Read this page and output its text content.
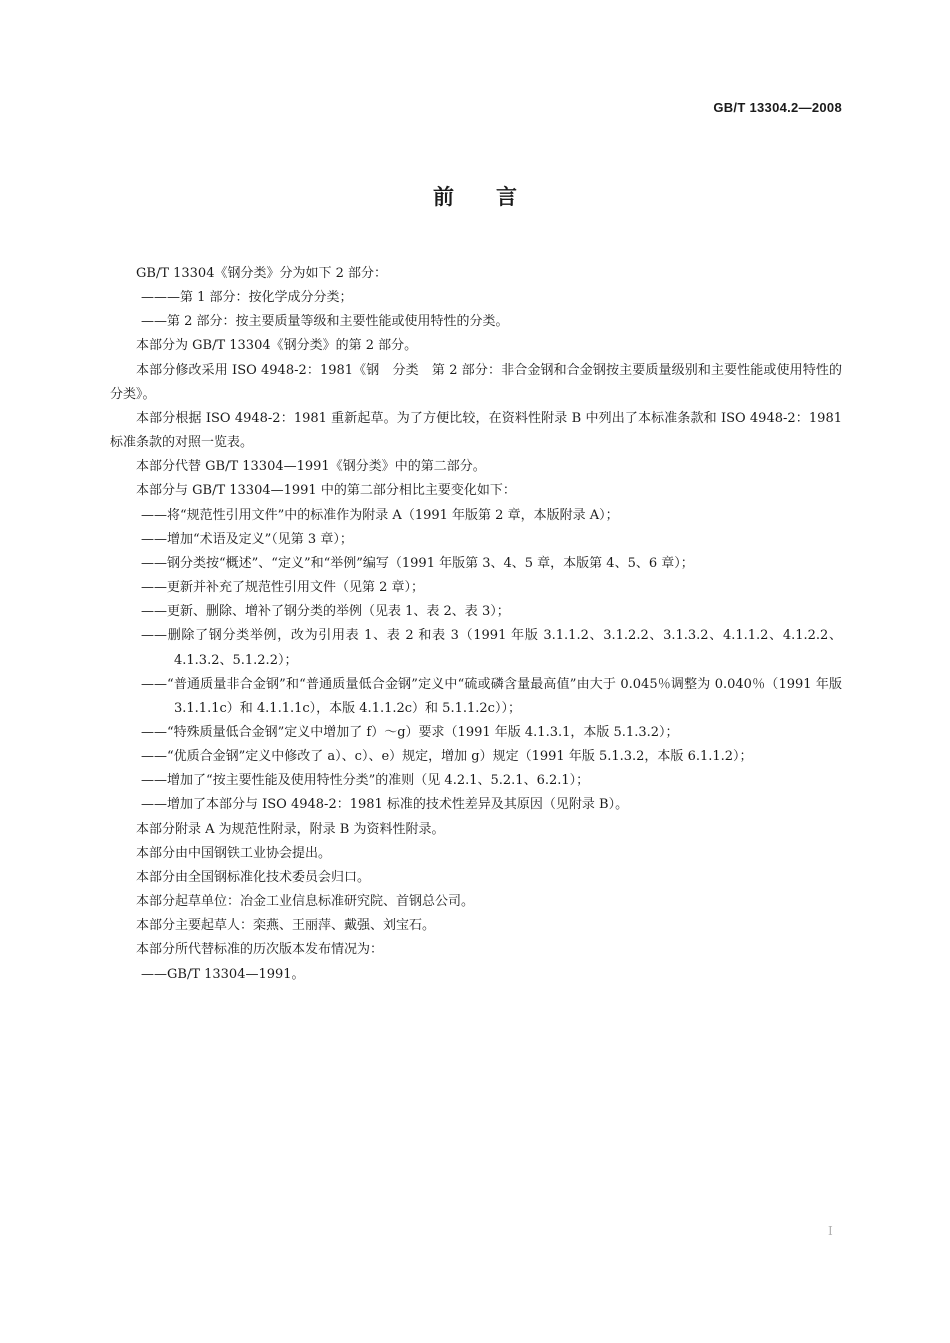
GB/T 13304.2—2008
前言

GB/T 13304《钢分类》分为如下 2 部分：

———第 1 部分：按化学成分分类；

——第 2 部分：按主要质量等级和主要性能或使用特性的分类。

本部分为 GB/T 13304《钢分类》的第 2 部分。

本部分修改采用 ISO 4948-2：1981《钢　分类　第 2 部分：非合金钢和合金钢按主要质量级别和主要性能或使用特性的分类》。

本部分根据 ISO 4948-2：1981 重新起草。为了方便比较，在资料性附录 B 中列出了本标准条款和 ISO 4948-2：1981 标准条款的对照一览表。

本部分代替 GB/T 13304—1991《钢分类》中的第二部分。

本部分与 GB/T 13304—1991 中的第二部分相比主要变化如下：

——将“规范性引用文件”中的标准作为附录 A（1991 年版第 2 章，本版附录 A）；

——增加“术语及定义”（见第 3 章）；

——钢分类按“概述”、“定义”和“举例”编写（1991 年版第 3、4、5 章，本版第 4、5、6 章）；

——更新并补充了规范性引用文件（见第 2 章）；

——更新、删除、增补了钢分类的举例（见表 1、表 2、表 3）；

——删除了钢分类举例，改为引用表 1、表 2 和表 3（1991 年版 3.1.1.2、3.1.2.2、3.1.3.2、4.1.1.2、4.1.2.2、4.1.3.2、5.1.2.2）；

——“普通质量非合金钢”和“普通质量低合金钢”定义中“硫或磷含量最高值”由大于 0.045％调整为 0.040％（1991 年版 3.1.1.1c）和 4.1.1.1c），本版 4.1.1.2c）和 5.1.1.2c））；

——“特殊质量低合金钢”定义中增加了 f）～g）要求（1991 年版 4.1.3.1，本版 5.1.3.2）；

——“优质合金钢”定义中修改了 a）、c）、e）规定，增加 g）规定（1991 年版 5.1.3.2，本版 6.1.1.2）；

——增加了“按主要性能及使用特性分类”的准则（见 4.2.1、5.2.1、6.2.1）；

——增加了本部分与 ISO 4948-2：1981 标准的技术性差异及其原因（见附录 B）。

本部分附录 A 为规范性附录，附录 B 为资料性附录。

本部分由中国钢铁工业协会提出。

本部分由全国钢标准化技术委员会归口。

本部分起草单位：冶金工业信息标准研究院、首钢总公司。

本部分主要起草人：栾燕、王丽萍、戴强、刘宝石。

本部分所代替标准的历次版本发布情况为：

——GB/T 13304—1991。

I
